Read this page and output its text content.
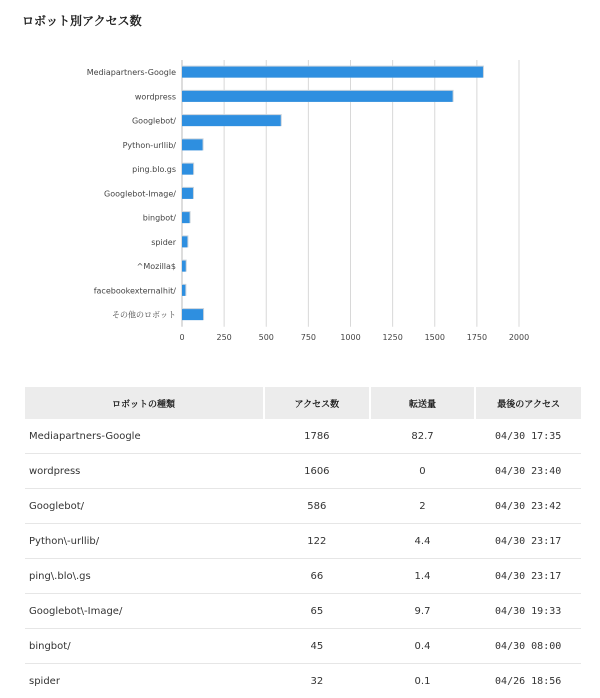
ロボット別アクセス数
Mediapartners-Google
wordpress
Googlebot/
Python-urllib/
ping.blo.gs
Googlebot-Image/
bingbot/
spider
^Mozilla$
facebookexternalhit/
その他のロボット
0	250	500	750	1000	1250	1500	1750	2000
ロボットの種類	アクセス数	転送量	最後のアクセス
Mediapartners-Google	1786	82.7	04/30 17:35
wordpress	1606	0	04/30 23:40
Googlebot/	586	2	04/30 23:42
Python\-urllib/	122	4.4	04/30 23:17
ping\.blo\.gs	66	1.4	04/30 23:17
Googlebot\-Image/	65	9.7	04/30 19:33
bingbot/	45	0.4	04/30 08:00
spider	32	0.1	04/26 18:56
